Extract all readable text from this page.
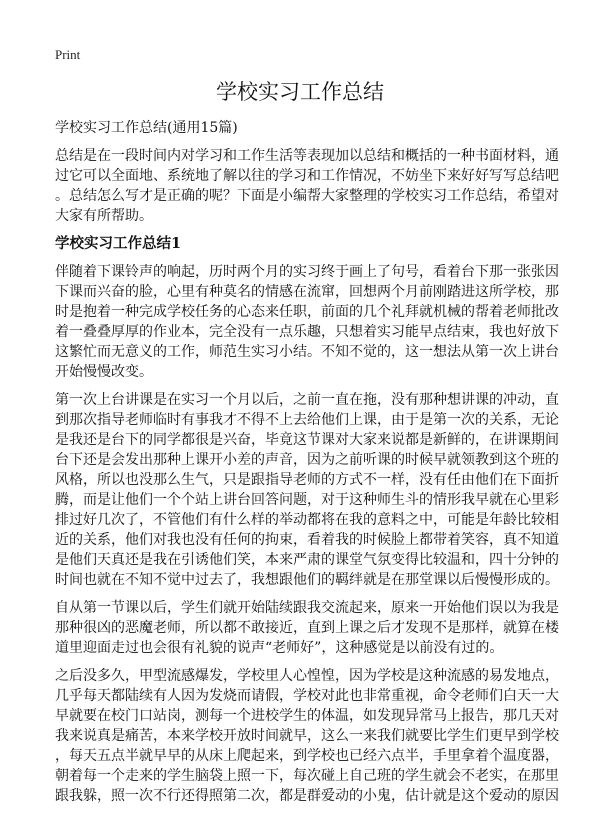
Print
学校实习工作总结
学校实习工作总结(通用15篇)
总结是在一段时间内对学习和工作生活等表现加以总结和概括的一种书面材料，通
过它可以全面地、系统地了解以往的学习和工作情况，不妨坐下来好好写写总结吧
。总结怎么写才是正确的呢？下面是小编帮大家整理的学校实习工作总结，希望对
大家有所帮助。
学校实习工作总结1
伴随着下课铃声的响起，历时两个月的实习终于画上了句号，看着台下那一张张因
下课而兴奋的脸，心里有种莫名的情感在流窜，回想两个月前刚踏进这所学校，那
时是抱着一种完成学校任务的心态来任职，前面的几个礼拜就机械的帮着老师批改
着一叠叠厚厚的作业本，完全没有一点乐趣，只想着实习能早点结束，我也好放下
这繁忙而无意义的工作，师范生实习小结。不知不觉的，这一想法从第一次上讲台
开始慢慢改变。
第一次上台讲课是在实习一个月以后，之前一直在拖，没有那种想讲课的冲动，直
到那次指导老师临时有事我才不得不上去给他们上课，由于是第一次的关系，无论
是我还是台下的同学都很是兴奋，毕竟这节课对大家来说都是新鲜的，在讲课期间
台下还是会发出那种上课开小差的声音，因为之前听课的时候早就领教到这个班的
风格，所以也没那么生气，只是跟指导老师的方式不一样，没有任由他们在下面折
腾，而是让他们一个个站上讲台回答问题，对于这种师生斗的情形我早就在心里彩
排过好几次了，不管他们有什么样的举动都将在我的意料之中，可能是年龄比较相
近的关系，他们对我也没有任何的拘束，看着我的时候脸上都带着笑容，真不知道
是他们天真还是我在引诱他们笑，本来严肃的课堂气氛变得比较温和，四十分钟的
时间也就在不知不觉中过去了，我想跟他们的羁绊就是在那堂课以后慢慢形成的。
自从第一节课以后，学生们就开始陆续跟我交流起来，原来一开始他们误以为我是
那种很凶的恶魔老师，所以都不敢接近，直到上课之后才发现不是那样，就算在楼
道里迎面走过也会很有礼貌的说声“老师好”，这种感觉是以前没有过的。
之后没多久，甲型流感爆发，学校里人心惶惶，因为学校是这种流感的易发地点，
几乎每天都陆续有人因为发烧而请假，学校对此也非常重视，命令老师们白天一大
早就要在校门口站岗，测每一个进校学生的体温，如发现异常马上报告，那几天对
我来说真是痛苦，本来学校开放时间就早，这么一来我们就要比学生们更早到学校
，每天五点半就早早的从床上爬起来，到学校也已经六点半，手里拿着个温度器，
朝着每一个走来的学生脑袋上照一下，每次碰上自己班的学生就会不老实，在那里
跟我躲，照一次不行还得照第二次，都是群爱动的小鬼，估计就是这个爱动的原因
